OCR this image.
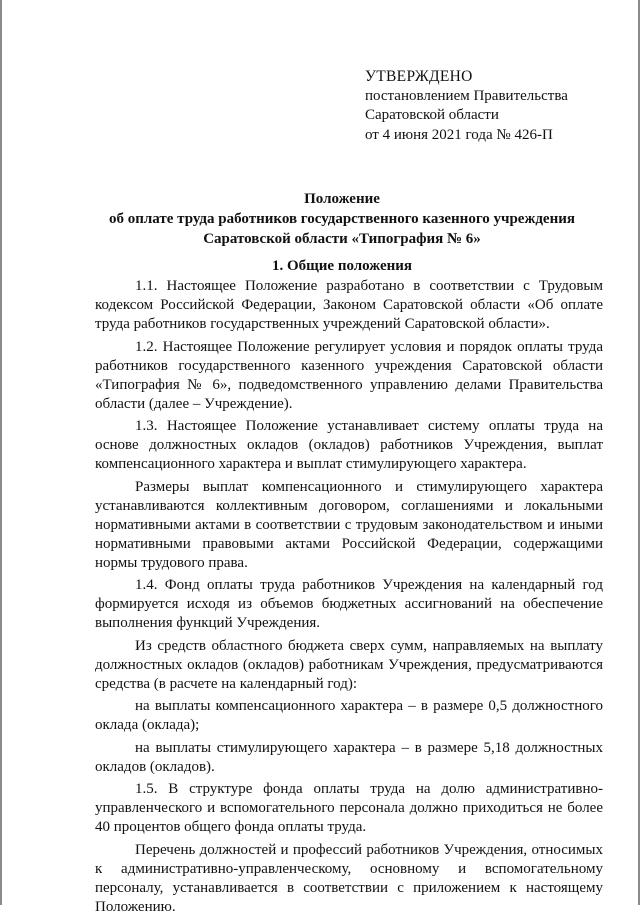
УТВЕРЖДЕНО
постановлением Правительства
Саратовской области
от 4 июня 2021 года № 426-П
Положение
об оплате труда работников государственного казенного учреждения
Саратовской области «Типография № 6»
1. Общие положения

1.1. Настоящее Положение разработано в соответствии с Трудовым кодексом Российской Федерации, Законом Саратовской области «Об оплате труда работников государственных учреждений Саратовской области».

1.2. Настоящее Положение регулирует условия и порядок оплаты труда работников государственного казенного учреждения Саратовской области «Типография № 6», подведомственного управлению делами Правительства области (далее – Учреждение).

1.3. Настоящее Положение устанавливает систему оплаты труда на основе должностных окладов (окладов) работников Учреждения, выплат компенсационного характера и выплат стимулирующего характера.

Размеры выплат компенсационного и стимулирующего характера устанавливаются коллективным договором, соглашениями и локальными нормативными актами в соответствии с трудовым законодательством и иными нормативными правовыми актами Российской Федерации, содержащими нормы трудового права.

1.4. Фонд оплаты труда работников Учреждения на календарный год формируется исходя из объемов бюджетных ассигнований на обеспечение выполнения функций Учреждения.

Из средств областного бюджета сверх сумм, направляемых на выплату должностных окладов (окладов) работникам Учреждения, предусматриваются средства (в расчете на календарный год):

на выплаты компенсационного характера – в размере 0,5 должностного оклада (оклада);

на выплаты стимулирующего характера – в размере 5,18 должностных окладов (окладов).

1.5. В структуре фонда оплаты труда на долю административно-управленческого и вспомогательного персонала должно приходиться не более 40 процентов общего фонда оплаты труда.

Перечень должностей и профессий работников Учреждения, относимых к административно-управленческому, основному и вспомогательному персоналу, устанавливается в соответствии с приложением к настоящему Положению.
